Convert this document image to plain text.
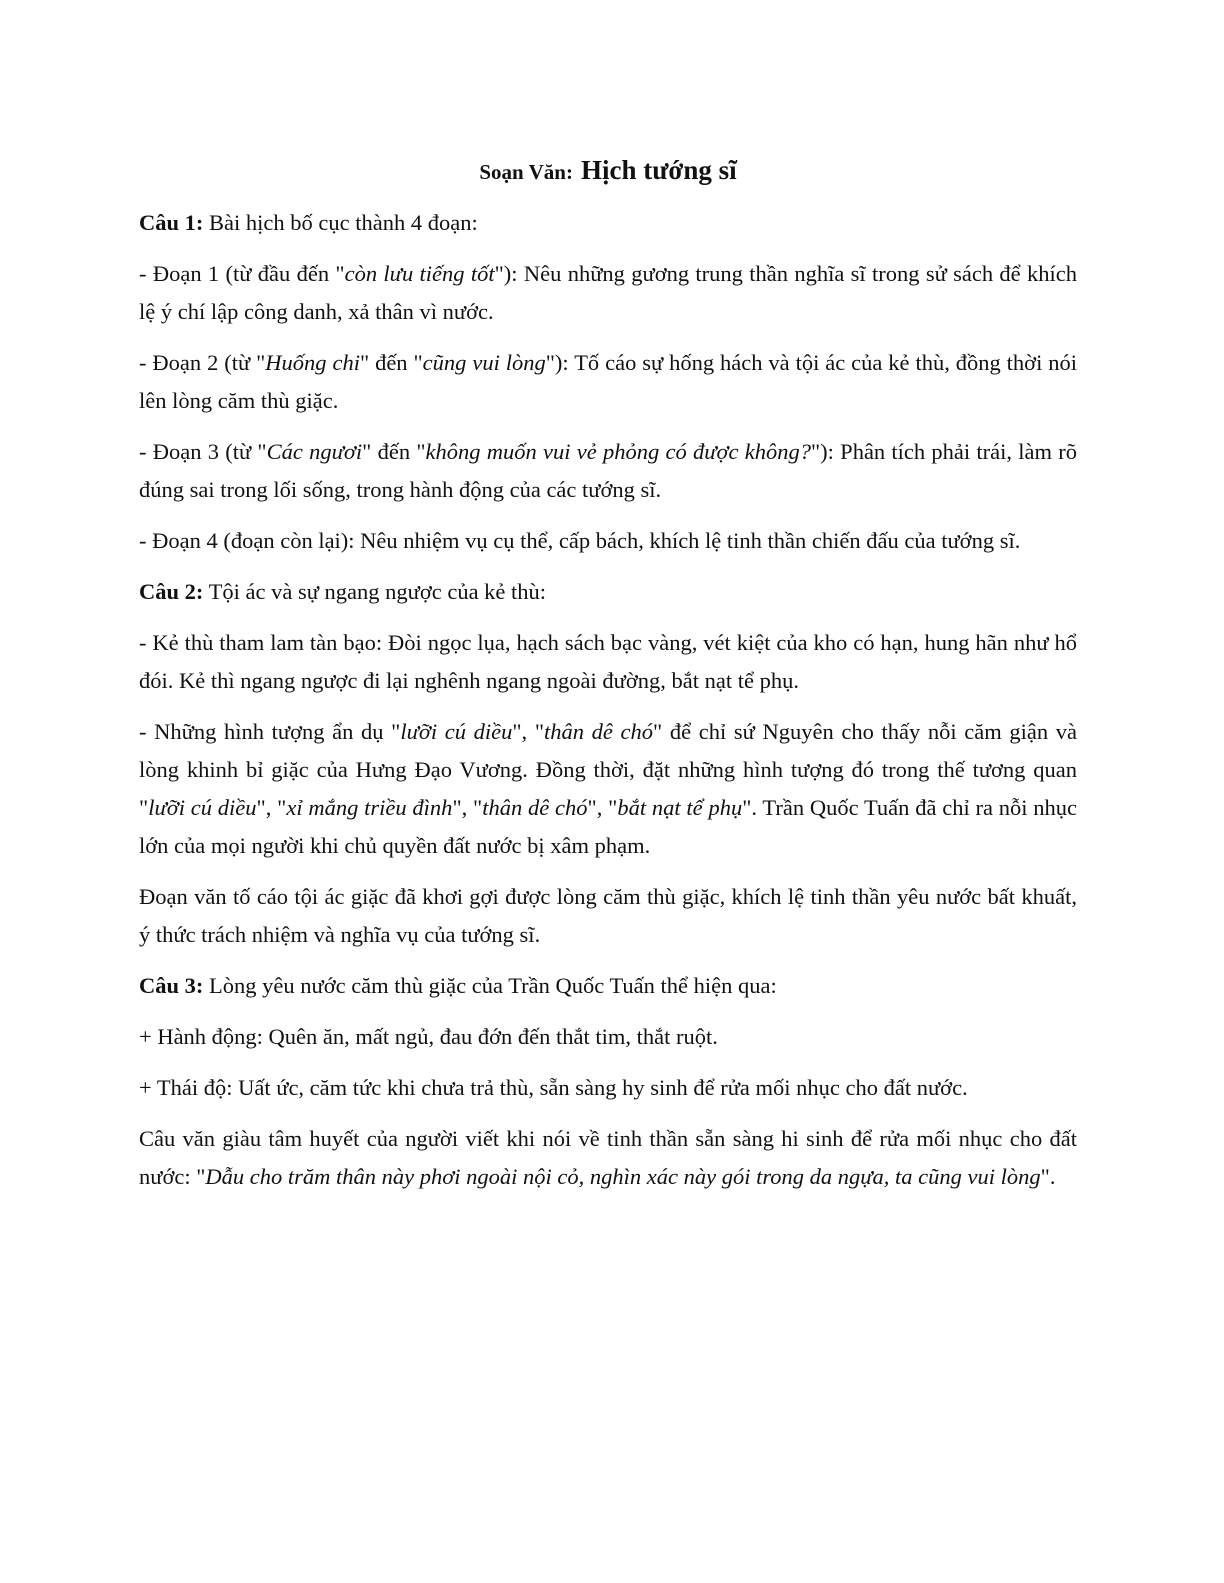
Soạn Văn: Hịch tướng sĩ

Câu 1: Bài hịch bố cục thành 4 đoạn:

- Đoạn 1 (từ đầu đến "còn lưu tiếng tốt"): Nêu những gương trung thần nghĩa sĩ trong sử sách để khích lệ ý chí lập công danh, xả thân vì nước.

- Đoạn 2 (từ "Huống chi" đến "cũng vui lòng"): Tố cáo sự hống hách và tội ác của kẻ thù, đồng thời nói lên lòng căm thù giặc.

- Đoạn 3 (từ "Các ngươi" đến "không muốn vui vẻ phỏng có được không?"): Phân tích phải trái, làm rõ đúng sai trong lối sống, trong hành động của các tướng sĩ.

- Đoạn 4 (đoạn còn lại): Nêu nhiệm vụ cụ thể, cấp bách, khích lệ tinh thần chiến đấu của tướng sĩ.

Câu 2: Tội ác và sự ngang ngược của kẻ thù:

- Kẻ thù tham lam tàn bạo: Đòi ngọc lụa, hạch sách bạc vàng, vét kiệt của kho có hạn, hung hãn như hổ đói. Kẻ thì ngang ngược đi lại nghênh ngang ngoài đường, bắt nạt tể phụ.

- Những hình tượng ẩn dụ "lưỡi cú diều", "thân dê chó" để chỉ sứ Nguyên cho thấy nỗi căm giận và lòng khinh bỉ giặc của Hưng Đạo Vương. Đồng thời, đặt những hình tượng đó trong thế tương quan "lưỡi cú diều", "xỉ mắng triều đình", "thân dê chó", "bắt nạt tể phụ". Trần Quốc Tuấn đã chỉ ra nỗi nhục lớn của mọi người khi chủ quyền đất nước bị xâm phạm.

Đoạn văn tố cáo tội ác giặc đã khơi gợi được lòng căm thù giặc, khích lệ tinh thần yêu nước bất khuất, ý thức trách nhiệm và nghĩa vụ của tướng sĩ.

Câu 3: Lòng yêu nước căm thù giặc của Trần Quốc Tuấn thể hiện qua:

+ Hành động: Quên ăn, mất ngủ, đau đớn đến thắt tim, thắt ruột.

+ Thái độ: Uất ức, căm tức khi chưa trả thù, sẵn sàng hy sinh để rửa mối nhục cho đất nước.

Câu văn giàu tâm huyết của người viết khi nói về tinh thần sẵn sàng hi sinh để rửa mối nhục cho đất nước: "Dẫu cho trăm thân này phơi ngoài nội cỏ, nghìn xác này gói trong da ngựa, ta cũng vui lòng".
